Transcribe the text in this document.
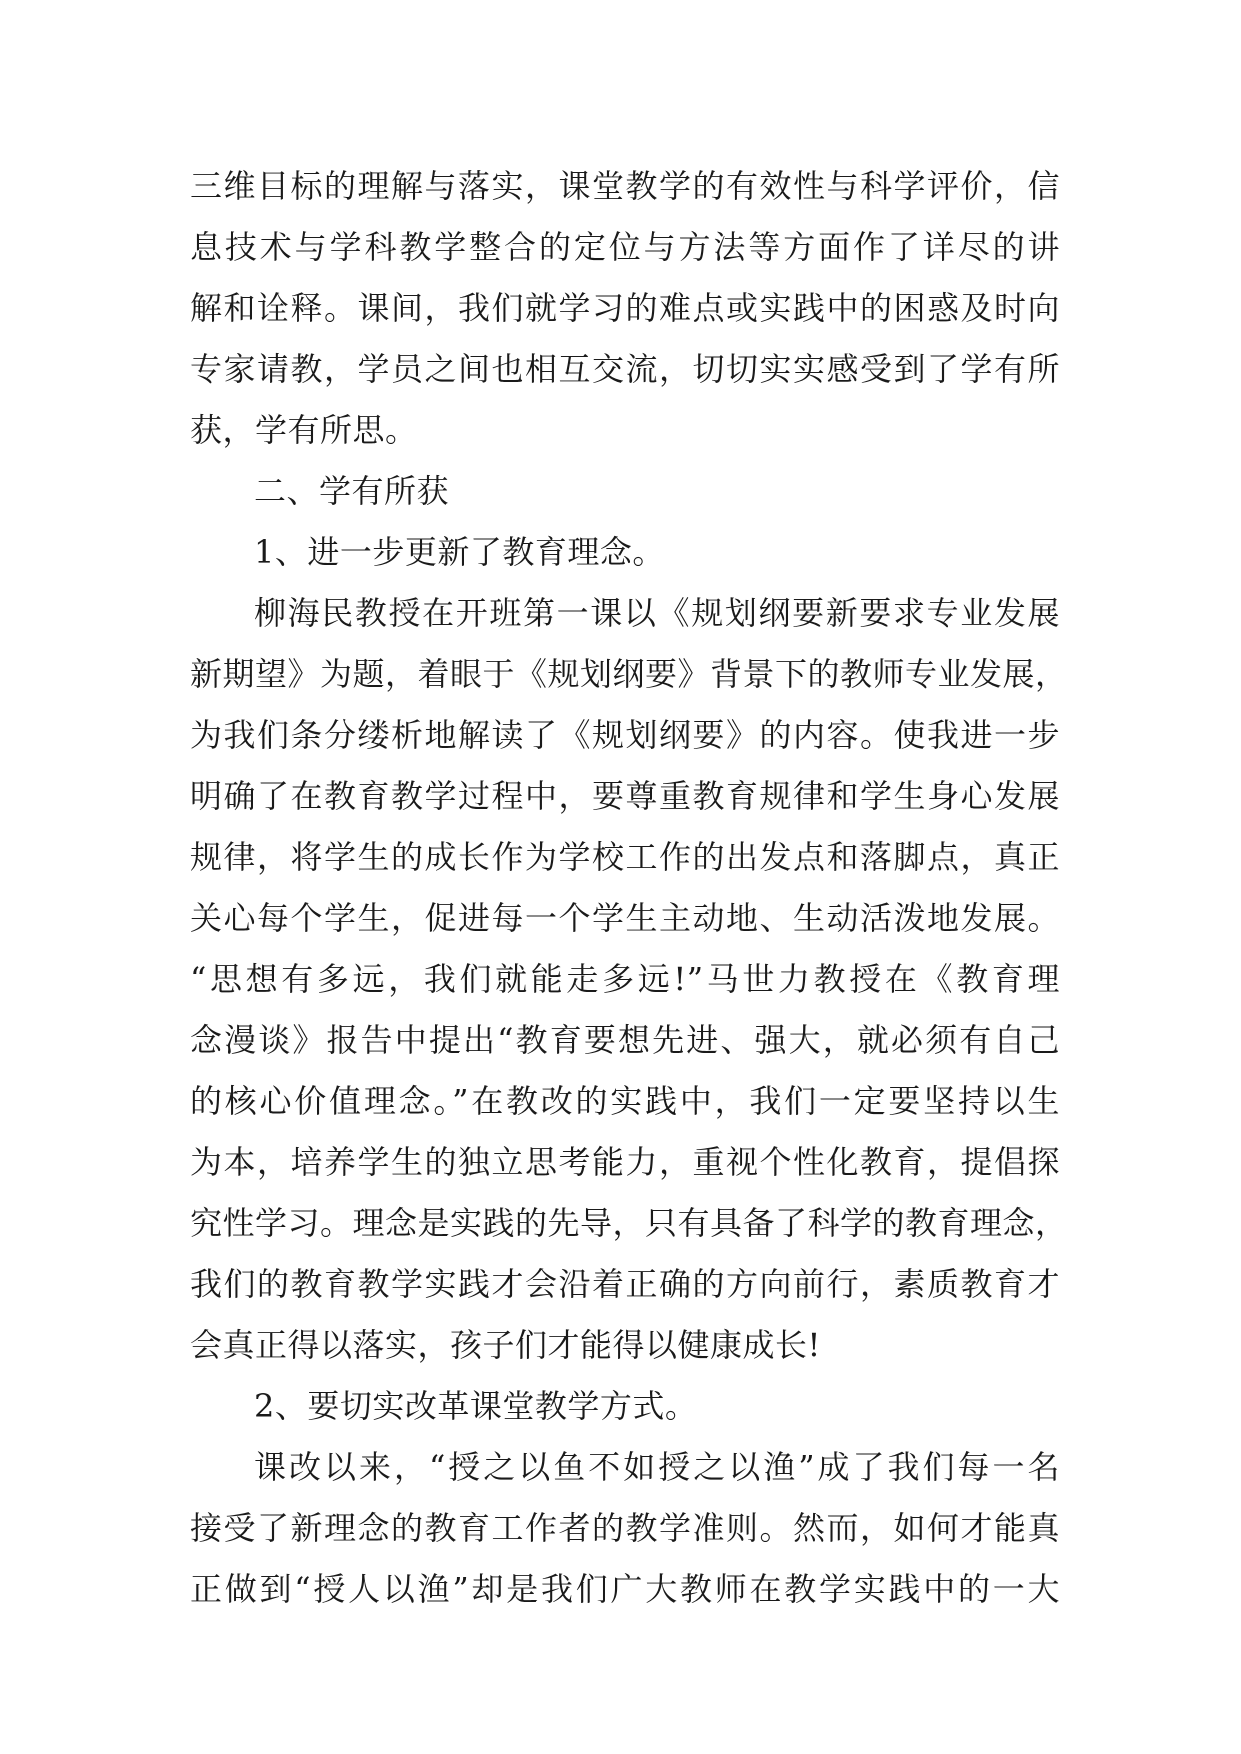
三维目标的理解与落实，课堂教学的有效性与科学评价，信
息技术与学科教学整合的定位与方法等方面作了详尽的讲
解和诠释。课间，我们就学习的难点或实践中的困惑及时向
专家请教，学员之间也相互交流，切切实实感受到了学有所
获，学有所思。
二、学有所获
1、进一步更新了教育理念。
柳海民教授在开班第一课以《规划纲要新要求专业发展
新期望》为题，着眼于《规划纲要》背景下的教师专业发展，
为我们条分缕析地解读了《规划纲要》的内容。使我进一步
明确了在教育教学过程中，要尊重教育规律和学生身心发展
规律，将学生的成长作为学校工作的出发点和落脚点，真正
关心每个学生，促进每一个学生主动地、生动活泼地发展。
“思想有多远，我们就能走多远!”马世力教授在《教育理
念漫谈》报告中提出“教育要想先进、强大，就必须有自己
的核心价值理念。”在教改的实践中，我们一定要坚持以生
为本，培养学生的独立思考能力，重视个性化教育，提倡探
究性学习。理念是实践的先导，只有具备了科学的教育理念，
我们的教育教学实践才会沿着正确的方向前行，素质教育才
会真正得以落实，孩子们才能得以健康成长!
2、要切实改革课堂教学方式。
课改以来，“授之以鱼不如授之以渔”成了我们每一名
接受了新理念的教育工作者的教学准则。然而，如何才能真
正做到“授人以渔”却是我们广大教师在教学实践中的一大
